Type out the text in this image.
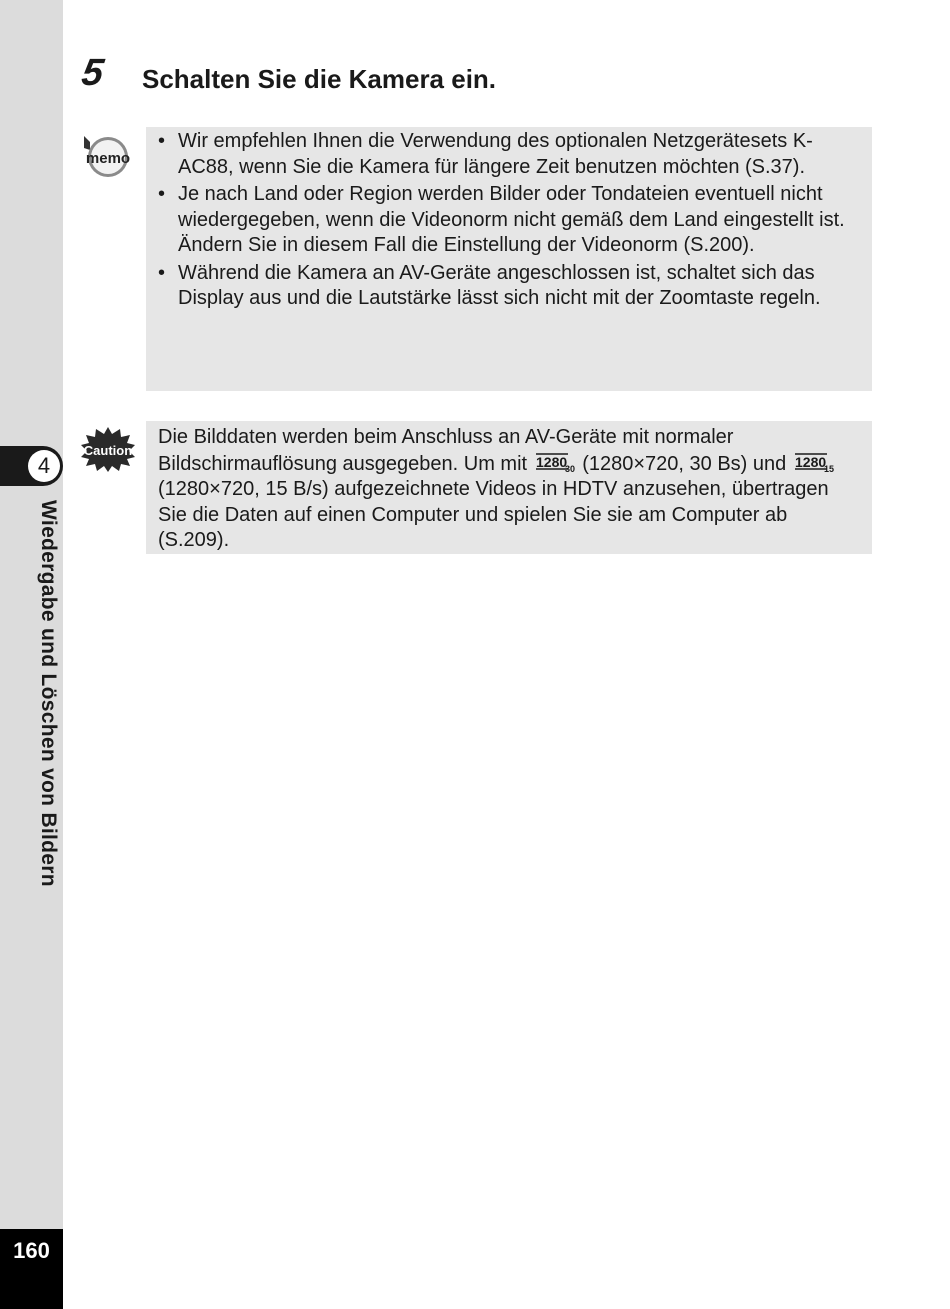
4
Wiedergabe und Löschen von Bildern
160
5 Schalten Sie die Kamera ein.
memo
• Wir empfehlen Ihnen die Verwendung des optionalen Netzgerätesets K-AC88, wenn Sie die Kamera für längere Zeit benutzen möchten (S.37).
• Je nach Land oder Region werden Bilder oder Tondateien eventuell nicht wiedergegeben, wenn die Videonorm nicht gemäß dem Land eingestellt ist. Ändern Sie in diesem Fall die Einstellung der Videonorm (S.200).
• Während die Kamera an AV-Geräte angeschlossen ist, schaltet sich das Display aus und die Lautstärke lässt sich nicht mit der Zoomtaste regeln.
Caution
Die Bilddaten werden beim Anschluss an AV-Geräte mit normaler Bildschirmauflösung ausgegeben. Um mit 1280
30 (1280×720, 30 Bs) und 1280
15
(1280×720, 15 B/s) aufgezeichnete Videos in HDTV anzusehen, übertragen Sie die Daten auf einen Computer und spielen Sie sie am Computer ab (S.209).
